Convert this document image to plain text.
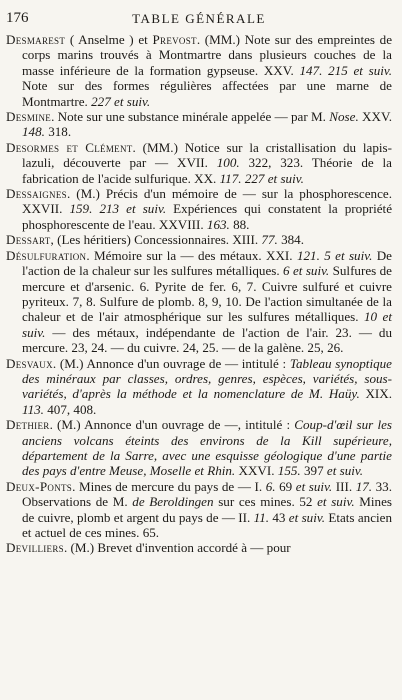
176	TABLE GÉNÉRALE

Desmarest ( Anselme ) et Prevost. (MM.) Note sur des empreintes de corps marins trouvés à Montmartre dans plusieurs couches de la masse inférieure de la formation gypseuse. XXV. 147. 215 et suiv. Note sur des formes régulières affectées par une marne de Montmartre. 227 et suiv.

Desmine. Note sur une substance minérale appelée — par M. Nose. XXV. 148. 318.

Desormes et Clément. (MM.) Notice sur la cristallisation du lapis-lazuli, découverte par — XVII. 100. 322, 323. Théorie de la fabrication de l'acide sulfurique. XX. 117. 227 et suiv.

Dessaignes. (M.) Précis d'un mémoire de — sur la phosphorescence. XXVII. 159. 213 et suiv. Expériences qui constatent la propriété phosphorescente de l'eau. XXVIII. 163. 88.

Dessart, (Les héritiers) Concessionnaires. XIII. 77. 384.

Désulfuration. Mémoire sur la — des métaux. XXI. 121. 5 et suiv. De l'action de la chaleur sur les sulfures métalliques. 6 et suiv. Sulfures de mercure et d'arsenic. 6. Pyrite de fer. 6, 7. Cuivre sulfuré et cuivre pyriteux. 7, 8. Sulfure de plomb. 8, 9, 10. De l'action simultanée de la chaleur et de l'air atmosphérique sur les sulfures métalliques. 10 et suiv. — des métaux, indépendante de l'action de l'air. 23. — du mercure. 23, 24. — du cuivre. 24, 25. — de la galène. 25, 26.

Desvaux. (M.) Annonce d'un ouvrage de — intitulé : Tableau synoptique des minéraux par classes, ordres, genres, espèces, variétés, sous-variétés, d'après la méthode et la nomenclature de M. Haüy. XIX. 113. 407, 408.

Dethier. (M.) Annonce d'un ouvrage de —, intitulé : Coup-d'œil sur les anciens volcans éteints des environs de la Kill supérieure, département de la Sarre, avec une esquisse géologique d'une partie des pays d'entre Meuse, Moselle et Rhin. XXVI. 155. 397 et suiv.

Deux-Ponts. Mines de mercure du pays de — I. 6. 69 et suiv. III. 17. 33. Observations de M. de Beroldingen sur ces mines. 52 et suiv. Mines de cuivre, plomb et argent du pays de — II. 11. 43 et suiv. Etats ancien et actuel de ces mines. 65.

Devilliers. (M.) Brevet d'invention accordé à — pour
